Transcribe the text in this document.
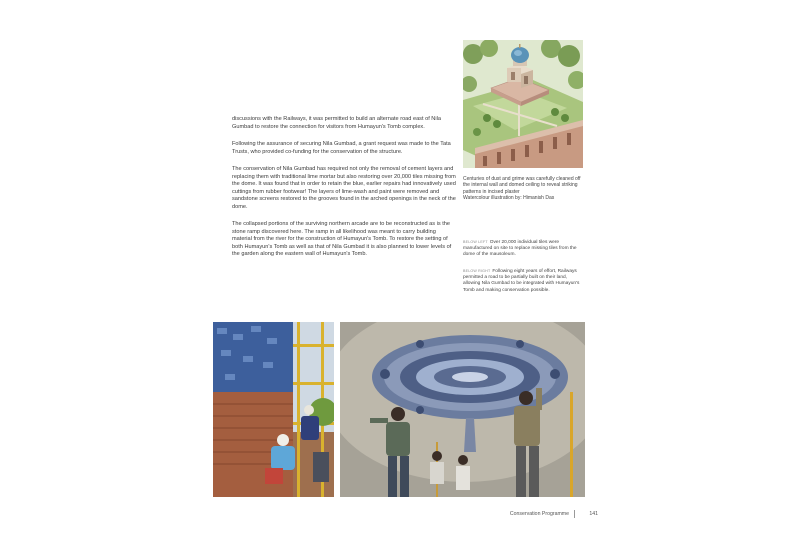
discussions with the Railways, it was permitted to build an alternate road east of Nila Gumbad to restore the connection for visitors from Humayun's Tomb complex.

Following the assurance of securing Nila Gumbad, a grant request was made to the Tata Trusts, who provided co-funding for the conservation of the structure.

The conservation of Nila Gumbad has required not only the removal of cement layers and replacing them with traditional lime mortar but also restoring over 20,000 tiles missing from the dome. It was found that in order to retain the blue, earlier repairs had innovatively used cuttings from rubber footwear! The layers of lime-wash and paint were removed and sandstone screens restored to the grooves found in the arched openings in the neck of the dome.

The collapsed portions of the surviving northern arcade are to be reconstructed as is the stone ramp discovered here. The ramp in all likelihood was meant to carry building material from the river for the construction of Humayun's Tomb. To restore the setting of both Humayun's Tomb as well as that of Nila Gumbad it is also planned to lower levels of the garden along the eastern wall of Humayun's Tomb.

Centuries of dust and grime was carefully cleaned off the internal wall and domed ceiling to reveal striking patterns in incised plaster

Watercolour illustration by: Himanish Das

BELOW LEFT Over 20,000 individual tiles were manufactured on site to replace missing tiles from the dome of the mausoleum.
BELOW RIGHT Following eight years of effort, Railways permitted a road to be partially built on their land, allowing Nila Gumbad to be integrated with Humayun's Tomb and making conservation possible.
Conservation Programme	141
